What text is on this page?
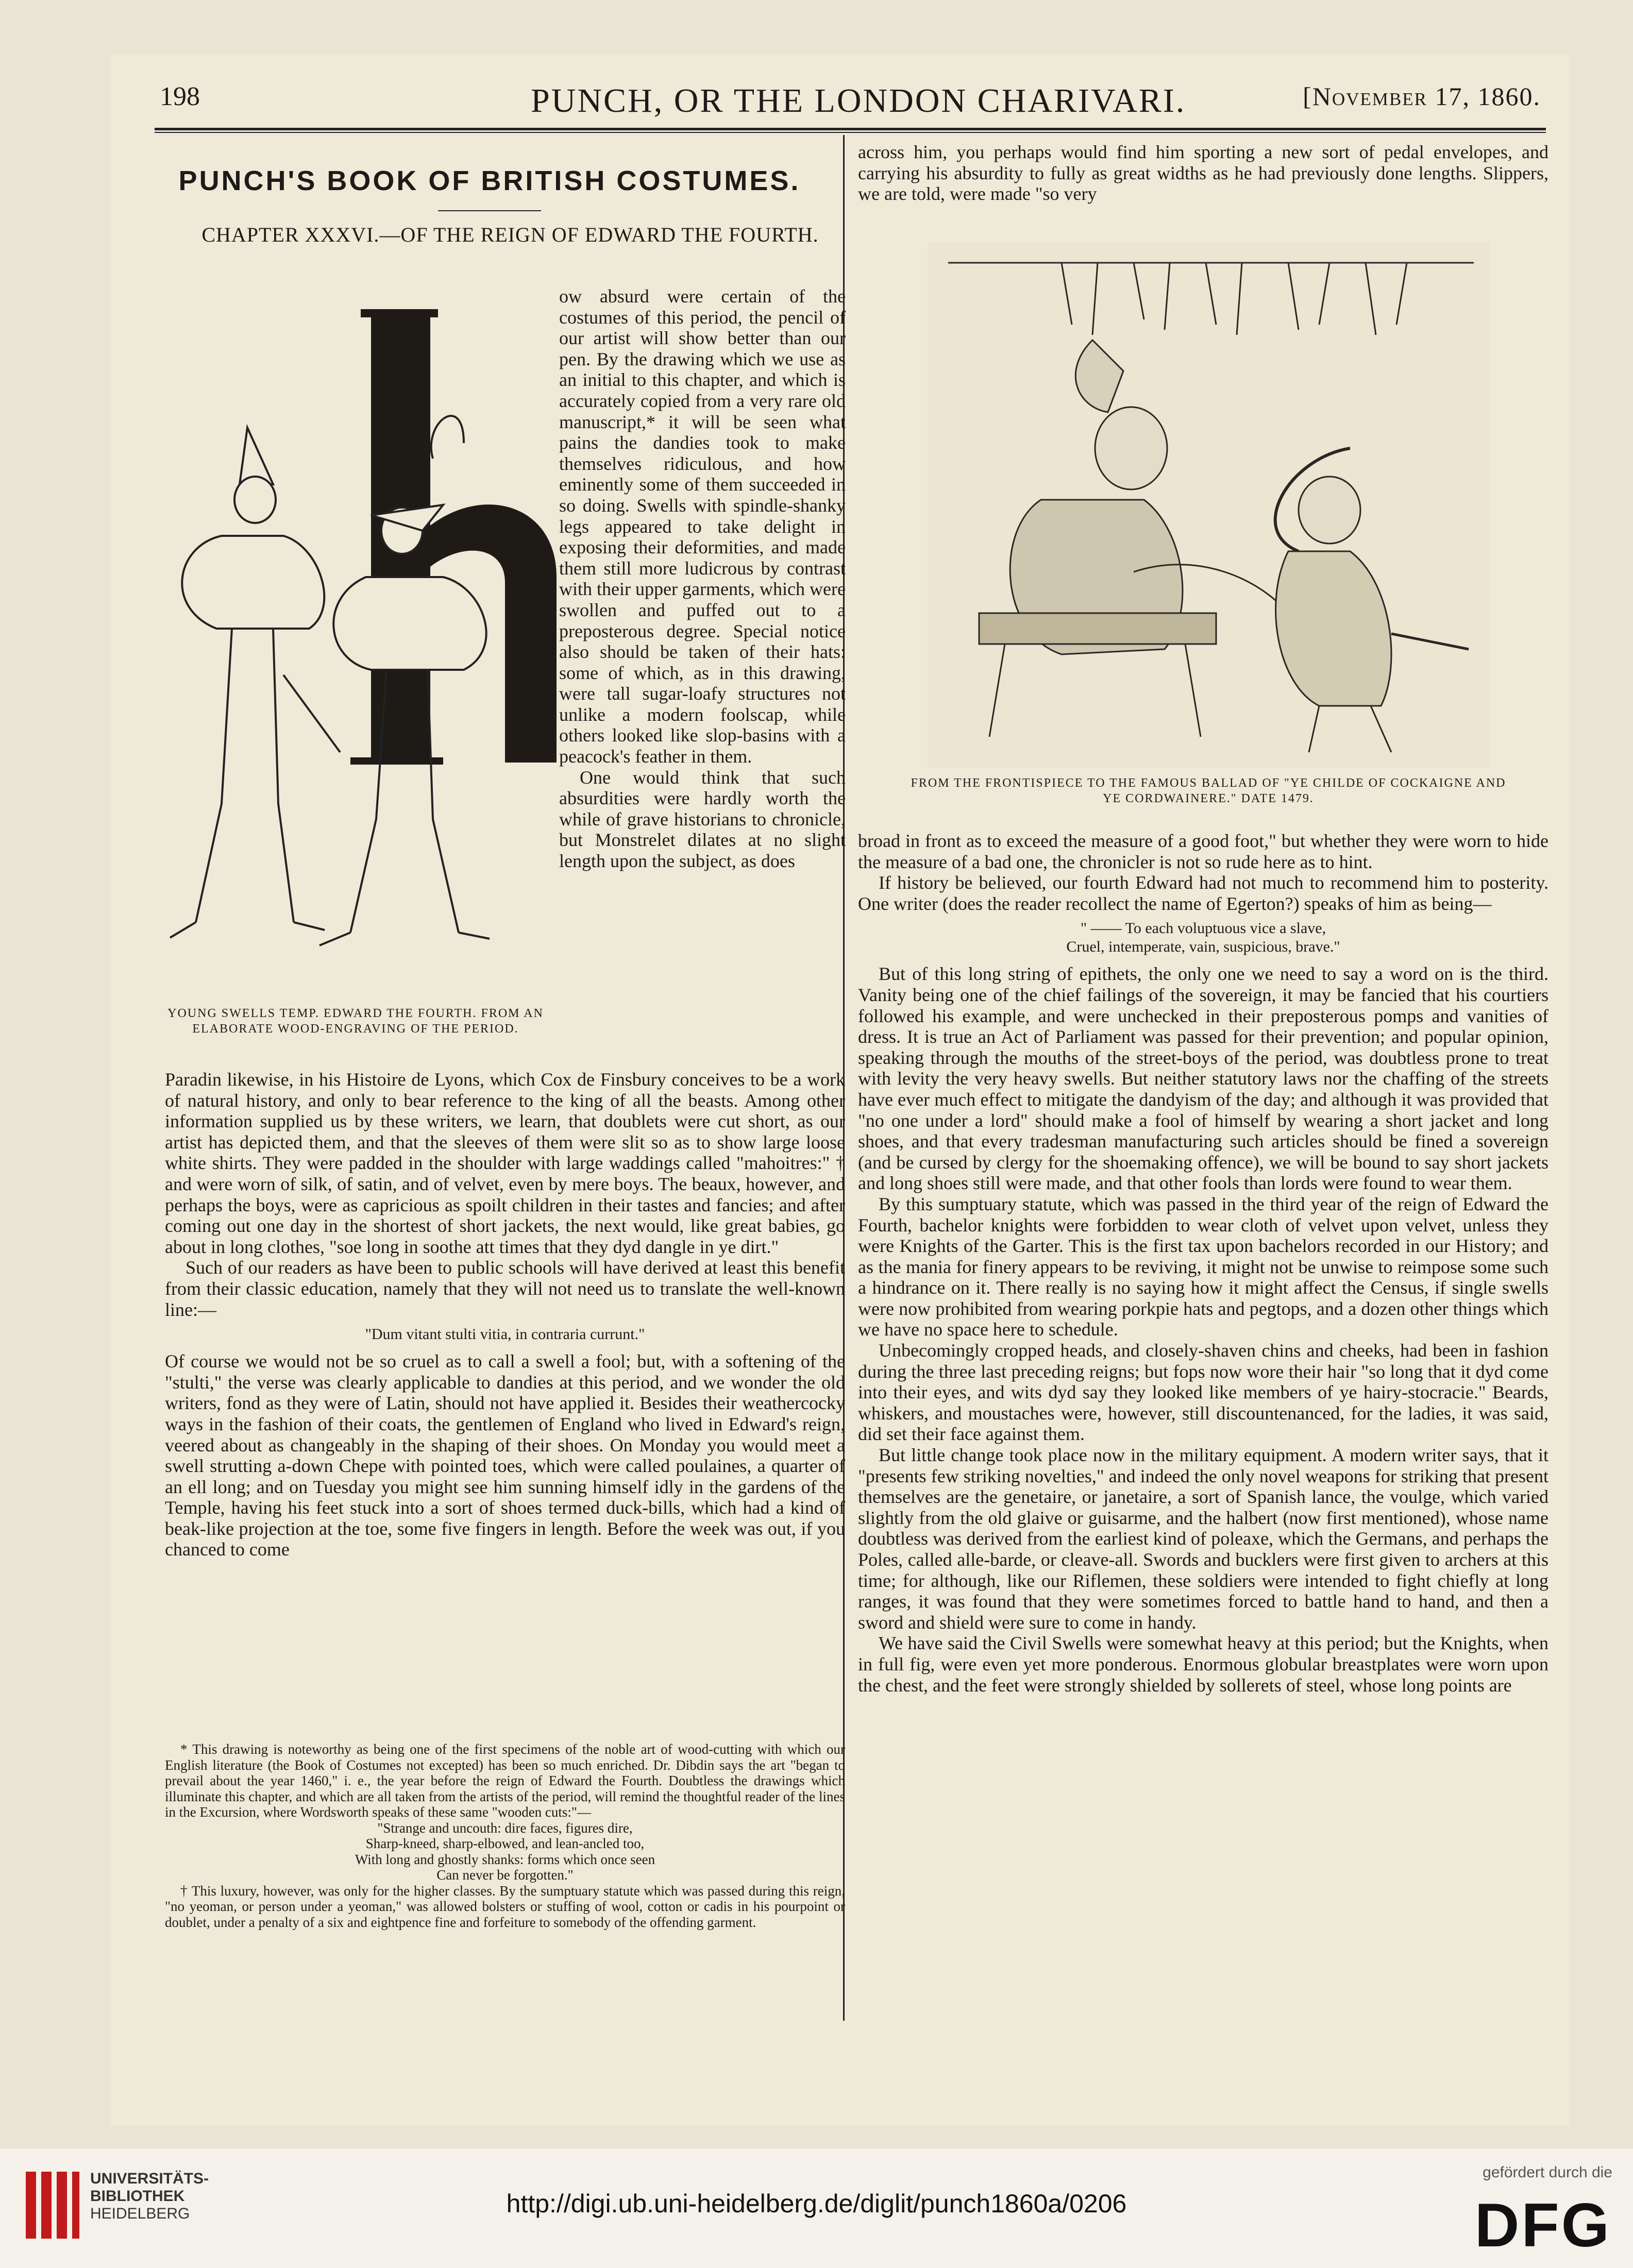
198	PUNCH, OR THE LONDON CHARIVARI.	[November 17, 1860.
PUNCH'S BOOK OF BRITISH COSTUMES.
CHAPTER XXXVI.—OF THE REIGN OF EDWARD THE FOURTH.
YOUNG SWELLS TEMP. EDWARD THE FOURTH. FROM AN ELABORATE WOOD-ENGRAVING OF THE PERIOD.

ow absurd were certain of the costumes of this period, the pencil of our artist will show better than our pen. By the drawing which we use as an initial to this chapter, and which is accurately copied from a very rare old manuscript,* it will be seen what pains the dandies took to make themselves ridiculous, and how eminently some of them succeeded in so doing. Swells with spindle-shanky legs appeared to take delight in exposing their deformities, and made them still more ludicrous by contrast with their upper garments, which were swollen and puffed out to a preposterous degree. Special notice also should be taken of their hats: some of which, as in this drawing, were tall sugar-loafy structures not unlike a modern foolscap, while others looked like slop-basins with a peacock's feather in them.

One would think that such absurdities were hardly worth the while of grave historians to chronicle, but Monstrelet dilates at no slight length upon the subject, as does

Paradin likewise, in his Histoire de Lyons, which Cox de Finsbury conceives to be a work of natural history, and only to bear reference to the king of all the beasts. Among other information supplied us by these writers, we learn, that doublets were cut short, as our artist has depicted them, and that the sleeves of them were slit so as to show large loose white shirts. They were padded in the shoulder with large waddings called "mahoitres:" † and were worn of silk, of satin, and of velvet, even by mere boys. The beaux, however, and perhaps the boys, were as capricious as spoilt children in their tastes and fancies; and after coming out one day in the shortest of short jackets, the next would, like great babies, go about in long clothes, "soe long in soothe att times that they dyd dangle in ye dirt."

Such of our readers as have been to public schools will have derived at least this benefit from their classic education, namely that they will not need us to translate the well-known line:—

"Dum vitant stulti vitia, in contraria currunt."

Of course we would not be so cruel as to call a swell a fool; but, with a softening of the "stulti," the verse was clearly applicable to dandies at this period, and we wonder the old writers, fond as they were of Latin, should not have applied it. Besides their weathercocky ways in the fashion of their coats, the gentlemen of England who lived in Edward's reign, veered about as changeably in the shaping of their shoes. On Monday you would meet a swell strutting a-down Chepe with pointed toes, which were called poulaines, a quarter of an ell long; and on Tuesday you might see him sunning himself idly in the gardens of the Temple, having his feet stuck into a sort of shoes termed duck-bills, which had a kind of beak-like projection at the toe, some five fingers in length. Before the week was out, if you chanced to come

* This drawing is noteworthy as being one of the first specimens of the noble art of wood-cutting with which our English literature (the Book of Costumes not excepted) has been so much enriched. Dr. Dibdin says the art "began to prevail about the year 1460," i. e., the year before the reign of Edward the Fourth. Doubtless the drawings which illuminate this chapter, and which are all taken from the artists of the period, will remind the thoughtful reader of the lines in the Excursion, where Wordsworth speaks of these same "wooden cuts:"—

"Strange and uncouth: dire faces, figures dire,

Sharp-kneed, sharp-elbowed, and lean-ancled too,

With long and ghostly shanks: forms which once seen

Can never be forgotten."

† This luxury, however, was only for the higher classes. By the sumptuary statute which was passed during this reign, "no yeoman, or person under a yeoman," was allowed bolsters or stuffing of wool, cotton or cadis in his pourpoint or doublet, under a penalty of a six and eightpence fine and forfeiture to somebody of the offending garment.

across him, you perhaps would find him sporting a new sort of pedal envelopes, and carrying his absurdity to fully as great widths as he had previously done lengths. Slippers, we are told, were made "so very

FROM THE FRONTISPIECE TO THE FAMOUS BALLAD OF "YE CHILDE OF COCKAIGNE AND YE CORDWAINERE." DATE 1479.

broad in front as to exceed the measure of a good foot," but whether they were worn to hide the measure of a bad one, the chronicler is not so rude here as to hint.

If history be believed, our fourth Edward had not much to recommend him to posterity. One writer (does the reader recollect the name of Egerton?) speaks of him as being—

" —— To each voluptuous vice a slave,
Cruel, intemperate, vain, suspicious, brave."

But of this long string of epithets, the only one we need to say a word on is the third. Vanity being one of the chief failings of the sovereign, it may be fancied that his courtiers followed his example, and were unchecked in their preposterous pomps and vanities of dress. It is true an Act of Parliament was passed for their prevention; and popular opinion, speaking through the mouths of the street-boys of the period, was doubtless prone to treat with levity the very heavy swells. But neither statutory laws nor the chaffing of the streets have ever much effect to mitigate the dandyism of the day; and although it was provided that "no one under a lord" should make a fool of himself by wearing a short jacket and long shoes, and that every tradesman manufacturing such articles should be fined a sovereign (and be cursed by clergy for the shoemaking offence), we will be bound to say short jackets and long shoes still were made, and that other fools than lords were found to wear them.

By this sumptuary statute, which was passed in the third year of the reign of Edward the Fourth, bachelor knights were forbidden to wear cloth of velvet upon velvet, unless they were Knights of the Garter. This is the first tax upon bachelors recorded in our History; and as the mania for finery appears to be reviving, it might not be unwise to reimpose some such a hindrance on it. There really is no saying how it might affect the Census, if single swells were now prohibited from wearing porkpie hats and pegtops, and a dozen other things which we have no space here to schedule.

Unbecomingly cropped heads, and closely-shaven chins and cheeks, had been in fashion during the three last preceding reigns; but fops now wore their hair "so long that it dyd come into their eyes, and wits dyd say they looked like members of ye hairy-stocracie." Beards, whiskers, and moustaches were, however, still discountenanced, for the ladies, it was said, did set their face against them.

But little change took place now in the military equipment. A modern writer says, that it "presents few striking novelties," and indeed the only novel weapons for striking that present themselves are the genetaire, or janetaire, a sort of Spanish lance, the voulge, which varied slightly from the old glaive or guisarme, and the halbert (now first mentioned), whose name doubtless was derived from the earliest kind of poleaxe, which the Germans, and perhaps the Poles, called alle-barde, or cleave-all. Swords and bucklers were first given to archers at this time; for although, like our Riflemen, these soldiers were intended to fight chiefly at long ranges, it was found that they were sometimes forced to battle hand to hand, and then a sword and shield were sure to come in handy.

We have said the Civil Swells were somewhat heavy at this period; but the Knights, when in full fig, were even yet more ponderous. Enormous globular breastplates were worn upon the chest, and the feet were strongly shielded by sollerets of steel, whose long points are

UNIVERSITÄTS-
BIBLIOTHEK
HEIDELBERG	http://digi.ub.uni-heidelberg.de/diglit/punch1860a/0206
gefördert durch die
DFG
